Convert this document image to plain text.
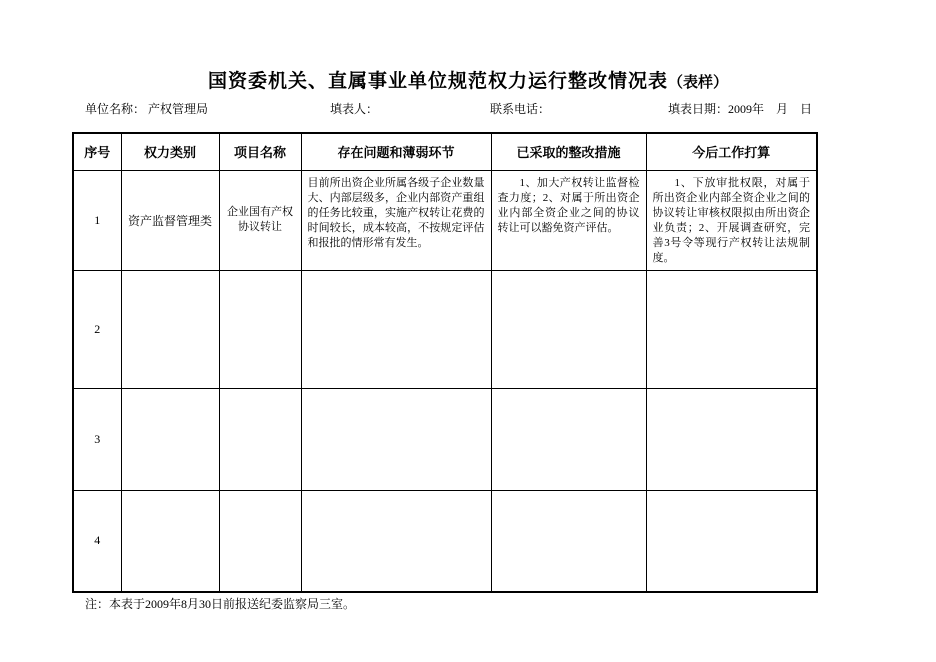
国资委机关、直属事业单位规范权力运行整改情况表（表样）
单位名称： 产权管理局	填表人：	联系电话：	填表日期：2009年　月　日
序号	权力类别	项目名称	存在问题和薄弱环节	已采取的整改措施	今后工作打算
1	资产监督管理类	企业国有产权协议转让	目前所出资企业所属各级子企业数量大、内部层级多，企业内部资产重组的任务比较重，实施产权转让花费的时间较长，成本较高，不按规定评估和报批的情形常有发生。	1、加大产权转让监督检查力度；2、对属于所出资企业内部全资企业之间的协议转让可以豁免资产评估。	1、下放审批权限，对属于所出资企业内部全资企业之间的协议转让审核权限拟由所出资企业负责；2、开展调查研究，完善3号令等现行产权转让法规制度。
2					
3					
4					
注：本表于2009年8月30日前报送纪委监察局三室。
